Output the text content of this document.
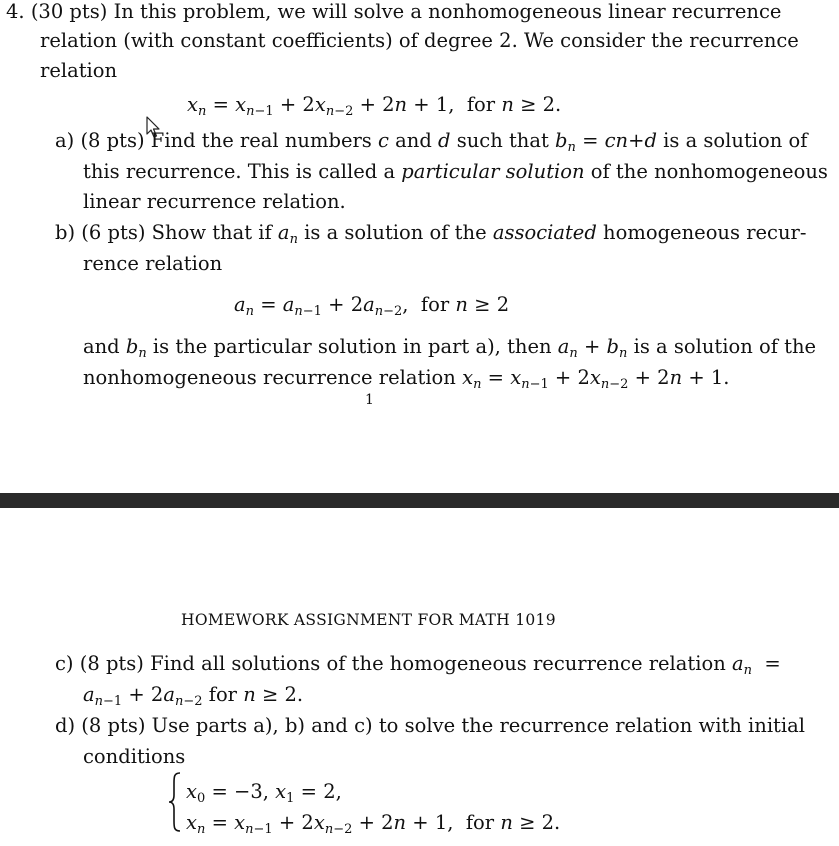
4. (30 pts) In this problem, we will solve a nonhomogeneous linear recurrence
relation (with constant coefficients) of degree 2. We consider the recurrence
relation
$x_n = x_{n-1} + 2x_{n-2} + 2n + 1$,  for n ≥ 2.
a) (8 pts) Find the real numbers c and d such that $b_n = cn+d$ is a solution of
this recurrence. This is called a particular solution of the nonhomogeneous
linear recurrence relation.
b) (6 pts) Show that if $a_n$ is a solution of the associated homogeneous recur-
rence relation
$a_n = a_{n-1} + 2a_{n-2}$,  for n ≥ 2
and $b_n$ is the particular solution in part a), then $a_n + b_n$ is a solution of the
nonhomogeneous recurrence relation $x_n = x_{n-1} + 2x_{n-2} + 2n + 1$.
1
HOMEWORK ASSIGNMENT FOR MATH 1019
c) (8 pts) Find all solutions of the homogeneous recurrence relation $a_n$  =
$a_{n-1} + 2a_{n-2}$ for n ≥ 2.
d) (8 pts) Use parts a), b) and c) to solve the recurrence relation with initial
conditions
$x_0 = -3$, $x_1 = 2$,
$x_n = x_{n-1} + 2x_{n-2} + 2n + 1$,  for n ≥ 2.
